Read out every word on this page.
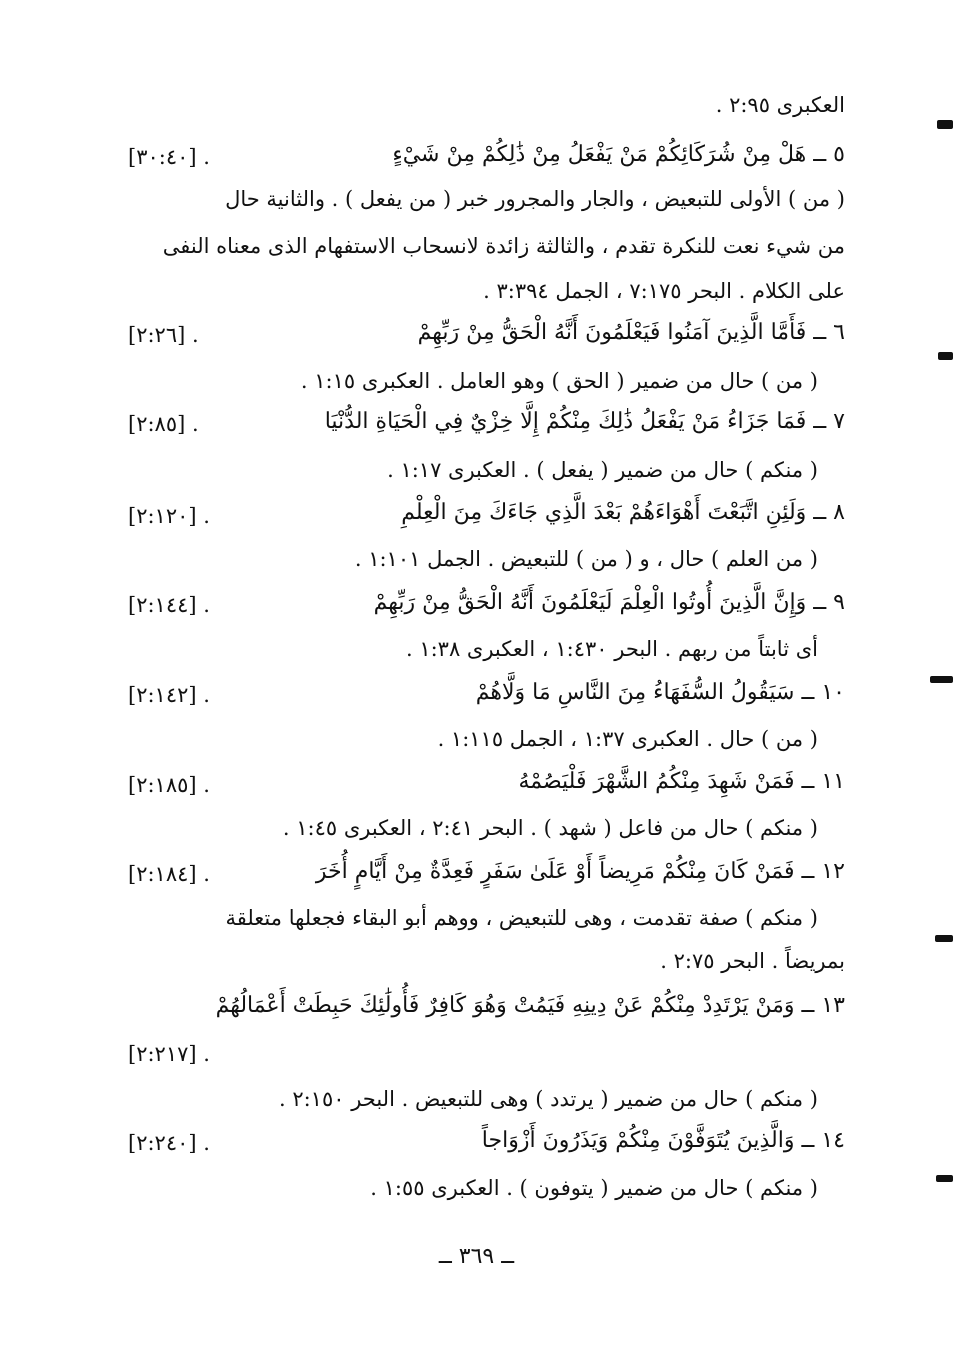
العكبرى ٢:٩٥ .
٥ ــ هَلْ مِنْ شُرَكَائِكُمْ مَنْ يَفْعَلُ مِنْ ذَٰلِكُمْ مِنْ شَيْءٍ
[٣٠:٤٠] .
( من ) الأولى للتبعيض ، والجار والمجرور خبر ( من يفعل ) . والثانية حال
من شيء نعت للنكرة تقدم ، والثالثة زائدة لانسحاب الاستفهام الذى معناه النفى
على الكلام . البحر ٧:١٧٥ ، الجمل ٣:٣٩٤ .
٦ ــ فَأَمَّا الَّذِينَ آمَنُوا فَيَعْلَمُونَ أَنَّهُ الْحَقُّ مِنْ رَبِّهِمْ
[٢:٢٦] .
( من ) حال من ضمير ( الحق ) وهو العامل . العكبرى ١:١٥ .
٧ ــ فَمَا جَزَاءُ مَنْ يَفْعَلُ ذَٰلِكَ مِنْكُمْ إِلَّا خِزْيٌ فِي الْحَيَاةِ الدُّنْيَا
[٢:٨٥] .
( منكم ) حال من ضمير ( يفعل ) . العكبرى ١:١٧ .
٨ ــ وَلَئِنِ اتَّبَعْتَ أَهْوَاءَهُمْ بَعْدَ الَّذِي جَاءَكَ مِنَ الْعِلْمِ
[٢:١٢٠] .
( من العلم ) حال ، و ( من ) للتبعيض . الجمل ١:١٠١ .
٩ ــ وَإِنَّ الَّذِينَ أُوتُوا الْعِلْمَ لَيَعْلَمُونَ أَنَّهُ الْحَقُّ مِنْ رَبِّهِمْ
[٢:١٤٤] .
أى ثابتاً من ربهم . البحر ١:٤٣٠ ، العكبرى ١:٣٨ .
١٠ ــ سَيَقُولُ السُّفَهَاءُ مِنَ النَّاسِ مَا وَلَّاهُمْ
[٢:١٤٢] .
( من ) حال . العكبرى ١:٣٧ ، الجمل ١:١١٥ .
١١ ــ فَمَنْ شَهِدَ مِنْكُمُ الشَّهْرَ فَلْيَصُمْهُ
[٢:١٨٥] .
( منكم ) حال من فاعل ( شهد ) . البحر ٢:٤١ ، العكبرى ١:٤٥ .
١٢ ــ فَمَنْ كَانَ مِنْكُمْ مَرِيضاً أَوْ عَلَىٰ سَفَرٍ فَعِدَّةٌ مِنْ أَيَّامٍ أُخَرَ
[٢:١٨٤] .
( منكم ) صفة تقدمت ، وهى للتبعيض ، ووهم أبو البقاء فجعلها متعلقة
بمريضاً . البحر ٢:٧٥ .
١٣ ــ وَمَنْ يَرْتَدِدْ مِنْكُمْ عَنْ دِينِهِ فَيَمُتْ وَهُوَ كَافِرٌ فَأُولَٰئِكَ حَبِطَتْ أَعْمَالُهُمْ
[٢:٢١٧] .
( منكم ) حال من ضمير ( يرتدد ) وهى للتبعيض . البحر ٢:١٥٠ .
١٤ ــ وَالَّذِينَ يُتَوَفَّوْنَ مِنْكُمْ وَيَذَرُونَ أَزْوَاجاً
[٢:٢٤٠] .
( منكم ) حال من ضمير ( يتوفون ) . العكبرى ١:٥٥ .
ــ ٣٦٩ ــ
